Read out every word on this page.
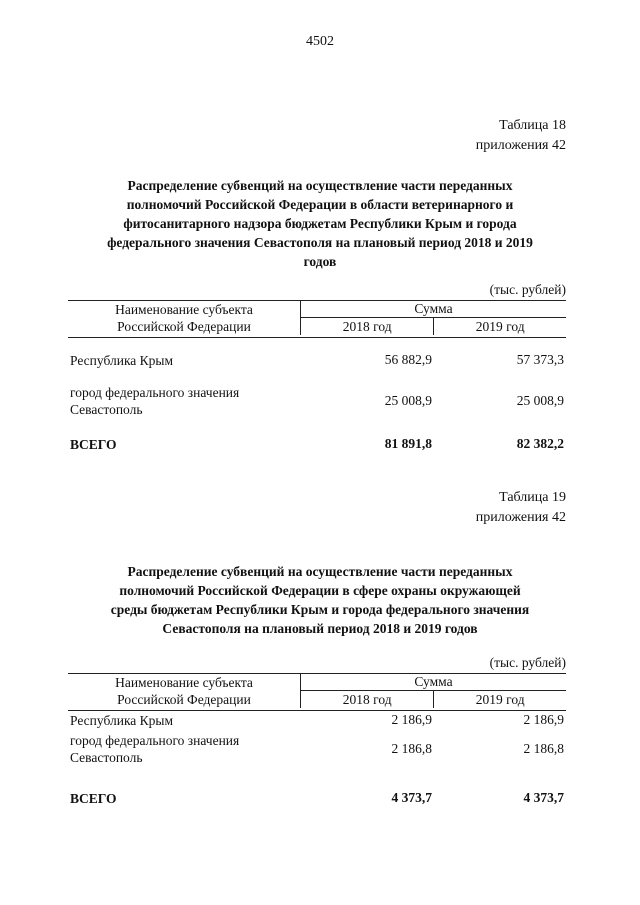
4502
Таблица 18
приложения 42
Распределение субвенций на осуществление части переданных
полномочий Российской Федерации в области ветеринарного и
фитосанитарного надзора бюджетам Республики Крым и города
федерального значения Севастополя на плановый период 2018 и 2019
годов
(тыс. рублей)
Наименование субъекта
Российской Федерации	Сумма	
	2018 год	2019 год
Республика Крым	56 882,9	57 373,3
город федерального значения
Севастополь
25 008,9	25 008,9
ВСЕГО	81 891,8	82 382,2
Таблица 19
приложения 42
Распределение субвенций на осуществление части переданных
полномочий Российской Федерации в сфере охраны окружающей
среды бюджетам Республики Крым и города федерального значения
Севастополя на плановый период 2018 и 2019 годов
(тыс. рублей)
Наименование субъекта
Российской Федерации	Сумма	
	2018 год	2019 год
Республика Крым	2 186,9	2 186,9
город федерального значения
Севастополь
2 186,8	2 186,8
ВСЕГО	4 373,7	4 373,7
